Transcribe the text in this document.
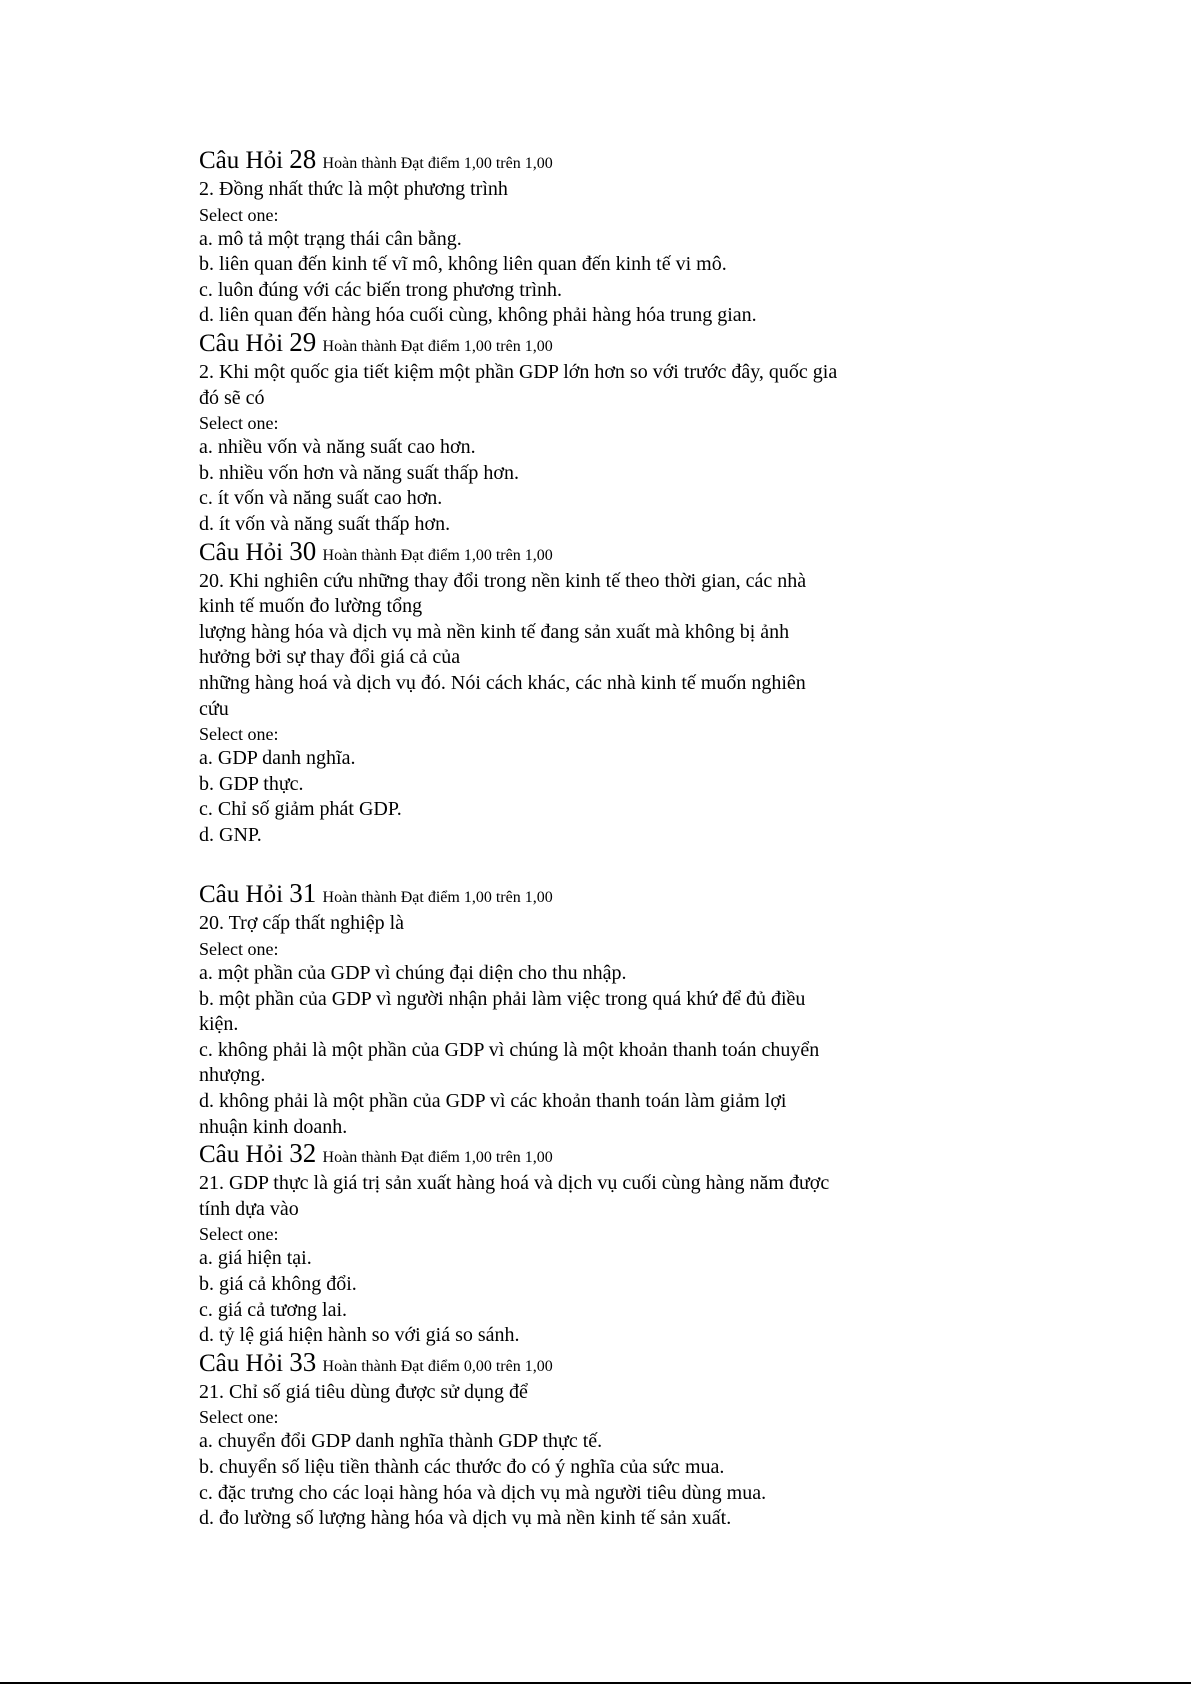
Câu Hỏi 28 Hoàn thành Đạt điểm 1,00 trên 1,00
2. Đồng nhất thức là một phương trình
Select one:
a. mô tả một trạng thái cân bằng.
b. liên quan đến kinh tế vĩ mô, không liên quan đến kinh tế vi mô.
c. luôn đúng với các biến trong phương trình.
d. liên quan đến hàng hóa cuối cùng, không phải hàng hóa trung gian.
Câu Hỏi 29 Hoàn thành Đạt điểm 1,00 trên 1,00
2. Khi một quốc gia tiết kiệm một phần GDP lớn hơn so với trước đây, quốc gia
đó sẽ có
Select one:
a. nhiều vốn và năng suất cao hơn.
b. nhiều vốn hơn và năng suất thấp hơn.
c. ít vốn và năng suất cao hơn.
d. ít vốn và năng suất thấp hơn.
Câu Hỏi 30 Hoàn thành Đạt điểm 1,00 trên 1,00
20. Khi nghiên cứu những thay đổi trong nền kinh tế theo thời gian, các nhà
kinh tế muốn đo lường tổng
lượng hàng hóa và dịch vụ mà nền kinh tế đang sản xuất mà không bị ảnh
hưởng bởi sự thay đổi giá cả của
những hàng hoá và dịch vụ đó. Nói cách khác, các nhà kinh tế muốn nghiên
cứu
Select one:
a. GDP danh nghĩa.
b. GDP thực.
c. Chỉ số giảm phát GDP.
d. GNP.
Câu Hỏi 31 Hoàn thành Đạt điểm 1,00 trên 1,00
20. Trợ cấp thất nghiệp là
Select one:
a. một phần của GDP vì chúng đại diện cho thu nhập.
b. một phần của GDP vì người nhận phải làm việc trong quá khứ để đủ điều
kiện.
c. không phải là một phần của GDP vì chúng là một khoản thanh toán chuyển
nhượng.
d. không phải là một phần của GDP vì các khoản thanh toán làm giảm lợi
nhuận kinh doanh.
Câu Hỏi 32 Hoàn thành Đạt điểm 1,00 trên 1,00
21. GDP thực là giá trị sản xuất hàng hoá và dịch vụ cuối cùng hàng năm được
tính dựa vào
Select one:
a. giá hiện tại.
b. giá cả không đổi.
c. giá cả tương lai.
d. tỷ lệ giá hiện hành so với giá so sánh.
Câu Hỏi 33 Hoàn thành Đạt điểm 0,00 trên 1,00
21. Chỉ số giá tiêu dùng được sử dụng để
Select one:
a. chuyển đổi GDP danh nghĩa thành GDP thực tế.
b. chuyển số liệu tiền thành các thước đo có ý nghĩa của sức mua.
c. đặc trưng cho các loại hàng hóa và dịch vụ mà người tiêu dùng mua.
d. đo lường số lượng hàng hóa và dịch vụ mà nền kinh tế sản xuất.
